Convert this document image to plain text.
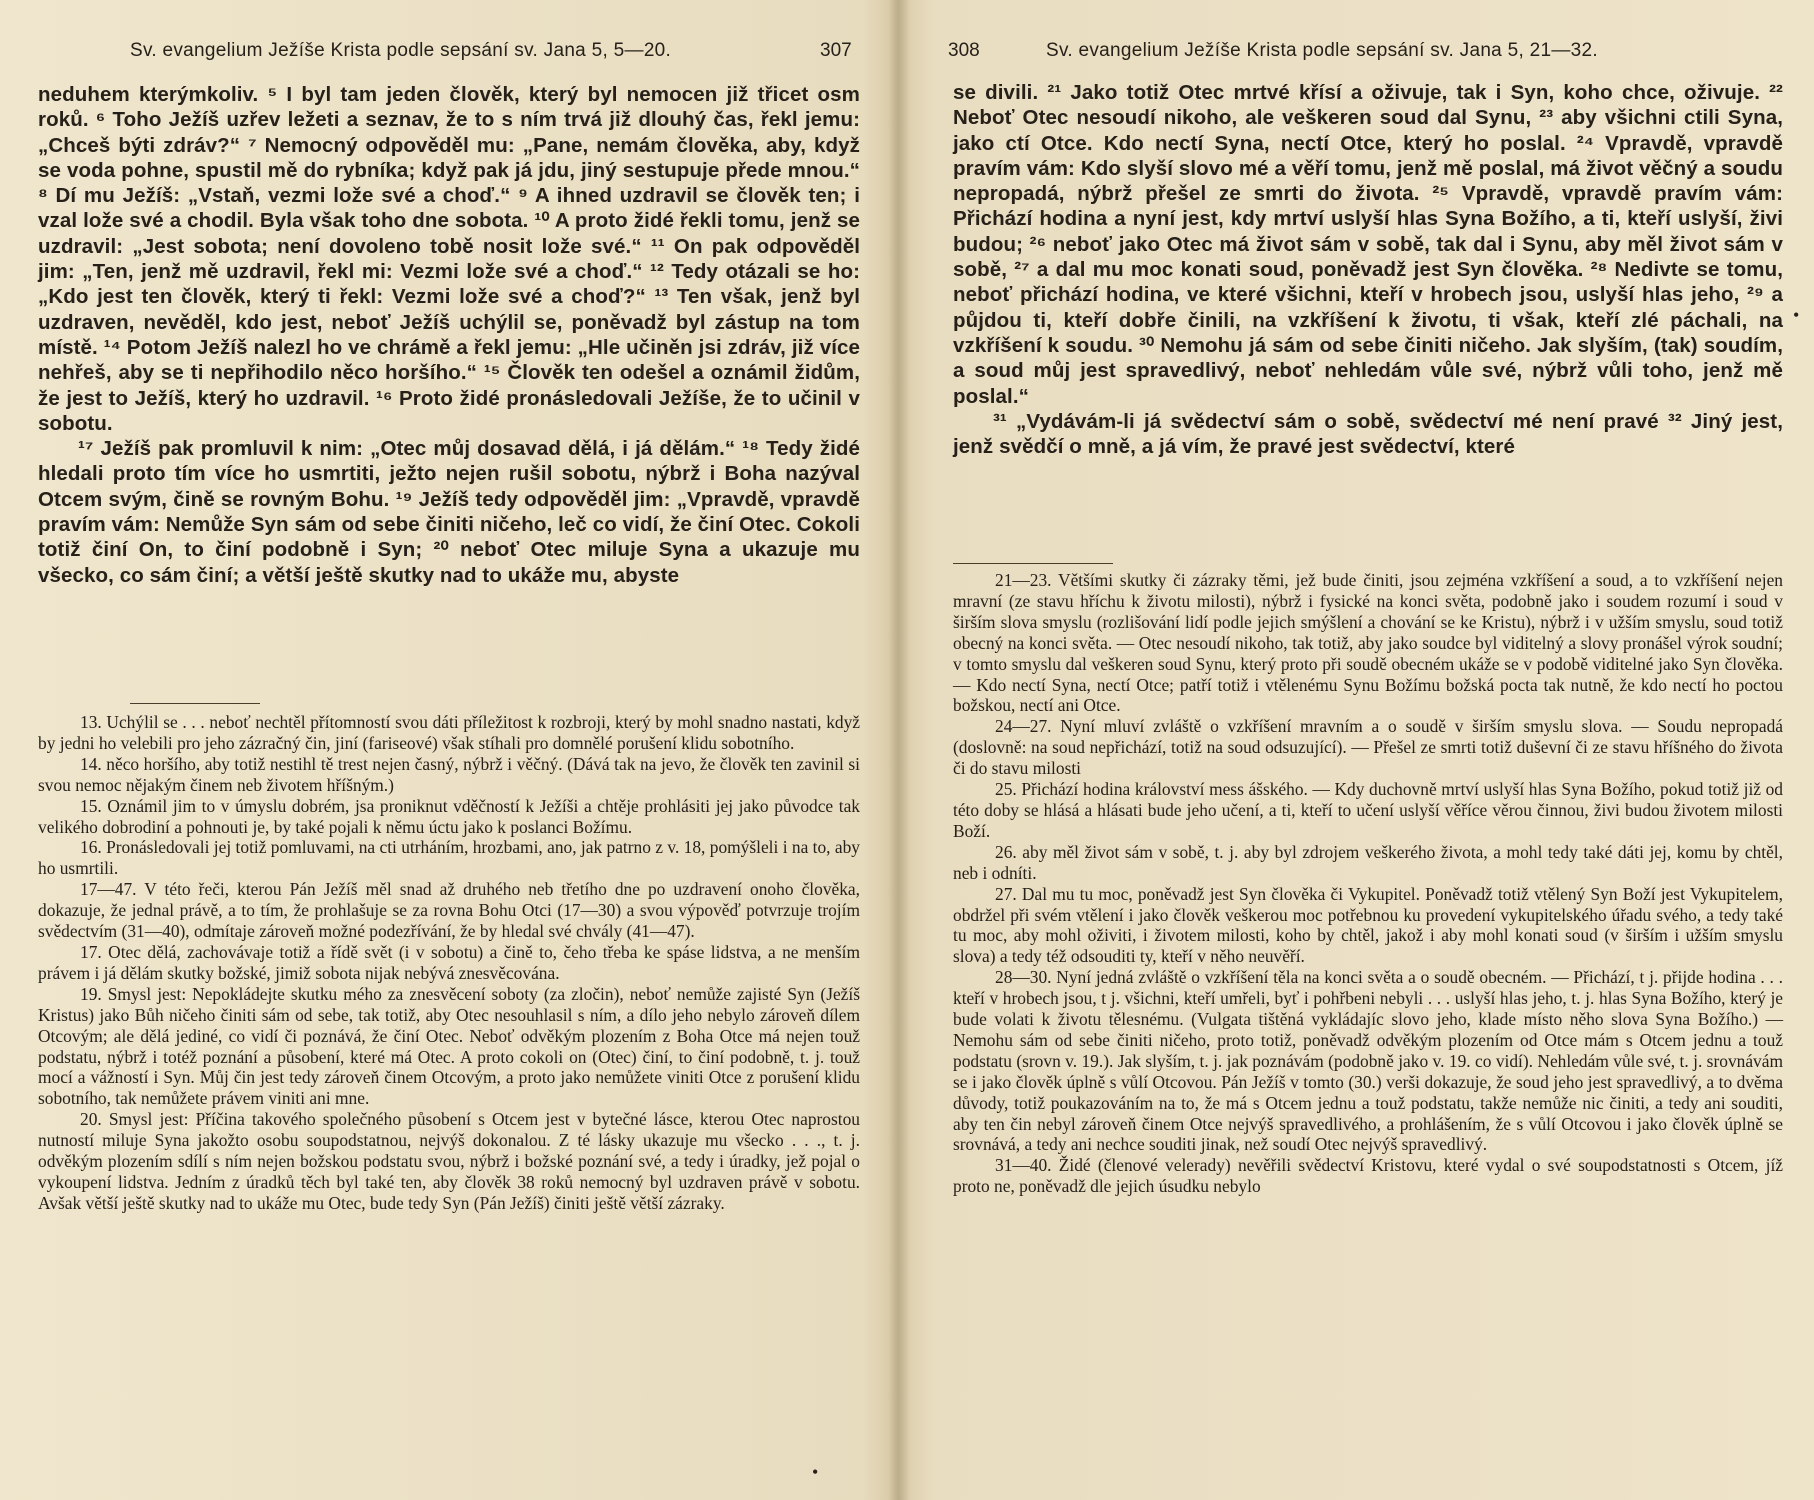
Sv. evangelium Ježíše Krista podle sepsání sv. Jana 5, 5—20.	307

neduhem kterýmkoliv. ⁵ I byl tam jeden člověk, který byl nemocen již třicet osm roků. ⁶ Toho Ježíš uzřev ležeti a seznav, že to s ním trvá již dlouhý čas, řekl jemu: „Chceš býti zdráv?“ ⁷ Nemocný odpověděl mu: „Pane, nemám člověka, aby, když se voda pohne, spustil mě do rybníka; když pak já jdu, jiný sestupuje přede mnou.“ ⁸ Dí mu Ježíš: „Vstaň, vezmi lože své a choď.“ ⁹ A ihned uzdravil se člověk ten; i vzal lože své a chodil. Byla však toho dne sobota. ¹⁰ A proto židé řekli tomu, jenž se uzdravil: „Jest sobota; není dovoleno tobě nosit lože své.“ ¹¹ On pak odpověděl jim: „Ten, jenž mě uzdravil, řekl mi: Vezmi lože své a choď.“ ¹² Tedy otázali se ho: „Kdo jest ten člověk, který ti řekl: Vezmi lože své a choď?“ ¹³ Ten však, jenž byl uzdraven, nevěděl, kdo jest, neboť Ježíš uchýlil se, poněvadž byl zástup na tom místě. ¹⁴ Potom Ježíš nalezl ho ve chrámě a řekl jemu: „Hle učiněn jsi zdráv, již více nehřeš, aby se ti nepřihodilo něco horšího.“ ¹⁵ Člověk ten odešel a oznámil židům, že jest to Ježíš, který ho uzdravil. ¹⁶ Proto židé pronásledovali Ježíše, že to učinil v sobotu.

¹⁷ Ježíš pak promluvil k nim: „Otec můj dosavad dělá, i já dělám.“ ¹⁸ Tedy židé hledali proto tím více ho usmrtiti, ježto nejen rušil sobotu, nýbrž i Boha nazýval Otcem svým, čině se rovným Bohu. ¹⁹ Ježíš tedy odpověděl jim: „Vpravdě, vpravdě pravím vám: Nemůže Syn sám od sebe činiti ničeho, leč co vidí, že činí Otec. Cokoli totiž činí On, to činí podobně i Syn; ²⁰ neboť Otec miluje Syna a ukazuje mu všecko, co sám činí; a větší ještě skutky nad to ukáže mu, abyste

13. Uchýlil se . . . neboť nechtěl přítomností svou dáti příležitost k rozbroji, který by mohl snadno nastati, když by jedni ho velebili pro jeho zázračný čin, jiní (fariseové) však stíhali pro domnělé porušení klidu sobotního.

14. něco horšího, aby totiž nestihl tě trest nejen časný, nýbrž i věčný. (Dává tak na jevo, že člověk ten zavinil si svou nemoc nějakým činem neb životem hříšným.)

15. Oznámil jim to v úmyslu dobrém, jsa proniknut vděčností k Ježíši a chtěje prohlásiti jej jako původce tak velikého dobrodiní a pohnouti je, by také pojali k němu úctu jako k poslanci Božímu.

16. Pronásledovali jej totiž pomluvami, na cti utrháním, hrozbami, ano, jak patrno z v. 18, pomýšleli i na to, aby ho usmrtili.

17—47. V této řeči, kterou Pán Ježíš měl snad až druhého neb třetího dne po uzdravení onoho člověka, dokazuje, že jednal právě, a to tím, že prohlašuje se za rovna Bohu Otci (17—30) a svou výpověď potvrzuje trojím svědectvím (31—40), odmítaje zároveň možné podezřívání, že by hledal své chvály (41—47).

17. Otec dělá, zachovávaje totiž a řídě svět (i v sobotu) a čině to, čeho třeba ke spáse lidstva, a ne menším právem i já dělám skutky božské, jimiž sobota nijak nebývá znesvěcována.

19. Smysl jest: Nepokládejte skutku mého za znesvěcení soboty (za zločin), neboť nemůže zajisté Syn (Ježíš Kristus) jako Bůh ničeho činiti sám od sebe, tak totiž, aby Otec nesouhlasil s ním, a dílo jeho nebylo zároveň dílem Otcovým; ale dělá jediné, co vidí či poznává, že činí Otec. Neboť odvěkým plozením z Boha Otce má nejen touž podstatu, nýbrž i totéž poznání a působení, které má Otec. A proto cokoli on (Otec) činí, to činí podobně, t. j. touž mocí a vážností i Syn. Můj čin jest tedy zároveň činem Otcovým, a proto jako nemůžete viniti Otce z porušení klidu sobotního, tak nemůžete právem viniti ani mne.

20. Smysl jest: Příčina takového společného působení s Otcem jest v bytečné lásce, kterou Otec naprostou nutností miluje Syna jakožto osobu soupodstatnou, nejvýš dokonalou. Z té lásky ukazuje mu všecko . . ., t. j. odvěkým plozením sdílí s ním nejen božskou podstatu svou, nýbrž i božské poznání své, a tedy i úradky, jež pojal o vykoupení lidstva. Jedním z úradků těch byl také ten, aby člověk 38 roků nemocný byl uzdraven právě v sobotu. Avšak větší ještě skutky nad to ukáže mu Otec, bude tedy Syn (Pán Ježíš) činiti ještě větší zázraky.

•
308	Sv. evangelium Ježíše Krista podle sepsání sv. Jana 5, 21—32.

se divili. ²¹ Jako totiž Otec mrtvé křísí a oživuje, tak i Syn, koho chce, oživuje. ²² Neboť Otec nesoudí nikoho, ale veškeren soud dal Synu, ²³ aby všichni ctili Syna, jako ctí Otce. Kdo nectí Syna, nectí Otce, který ho poslal. ²⁴ Vpravdě, vpravdě pravím vám: Kdo slyší slovo mé a věří tomu, jenž mě poslal, má život věčný a soudu nepropadá, nýbrž přešel ze smrti do života. ²⁵ Vpravdě, vpravdě pravím vám: Přichází hodina a nyní jest, kdy mrtví uslyší hlas Syna Božího, a ti, kteří uslyší, živi budou; ²⁶ neboť jako Otec má život sám v sobě, tak dal i Synu, aby měl život sám v sobě, ²⁷ a dal mu moc konati soud, poněvadž jest Syn člověka. ²⁸ Nedivte se tomu, neboť přichází hodina, ve které všichni, kteří v hrobech jsou, uslyší hlas jeho, ²⁹ a půjdou ti, kteří dobře činili, na vzkříšení k životu, ti však, kteří zlé páchali, na vzkříšení k soudu. ³⁰ Nemohu já sám od sebe činiti ničeho. Jak slyším, (tak) soudím, a soud můj jest spravedlivý, neboť nehledám vůle své, nýbrž vůli toho, jenž mě poslal.“

³¹ „Vydávám-li já svědectví sám o sobě, svědectví mé není pravé ³² Jiný jest, jenž svědčí o mně, a já vím, že pravé jest svědectví, které

21—23. Většími skutky či zázraky těmi, jež bude činiti, jsou zejména vzkříšení a soud, a to vzkříšení nejen mravní (ze stavu hříchu k životu milosti), nýbrž i fysické na konci světa, podobně jako i soudem rozumí i soud v širším slova smyslu (rozlišování lidí podle jejich smýšlení a chování se ke Kristu), nýbrž i v užším smyslu, soud totiž obecný na konci světa. — Otec nesoudí nikoho, tak totiž, aby jako soudce byl viditelný a slovy pronášel výrok soudní; v tomto smyslu dal veškeren soud Synu, který proto při soudě obecném ukáže se v podobě viditelné jako Syn člověka. — Kdo nectí Syna, nectí Otce; patří totiž i vtělenému Synu Božímu božská pocta tak nutně, že kdo nectí ho poctou božskou, nectí ani Otce.

24—27. Nyní mluví zvláště o vzkříšení mravním a o soudě v širším smyslu slova. — Soudu nepropadá (doslovně: na soud nepřichází, totiž na soud odsuzující). — Přešel ze smrti totiž duševní či ze stavu hříšného do života či do stavu milosti

25. Přichází hodina království mess ášského. — Kdy duchovně mrtví uslyší hlas Syna Božího, pokud totiž již od této doby se hlásá a hlásati bude jeho učení, a ti, kteří to učení uslyší věříce věrou činnou, živi budou životem milosti Boží.

26. aby měl život sám v sobě, t. j. aby byl zdrojem veškerého života, a mohl tedy také dáti jej, komu by chtěl, neb i odníti.

27. Dal mu tu moc, poněvadž jest Syn člověka či Vykupitel. Poněvadž totiž vtělený Syn Boží jest Vykupitelem, obdržel při svém vtělení i jako člověk veškerou moc potřebnou ku provedení vykupitelského úřadu svého, a tedy také tu moc, aby mohl oživiti, i životem milosti, koho by chtěl, jakož i aby mohl konati soud (v širším i užším smyslu slova) a tedy též odsouditi ty, kteří v něho neuvěří.

28—30. Nyní jedná zvláště o vzkříšení těla na konci světa a o soudě obecném. — Přichází, t j. přijde hodina . . . kteří v hrobech jsou, t j. všichni, kteří umřeli, byť i pohřbeni nebyli . . . uslyší hlas jeho, t. j. hlas Syna Božího, který je bude volati k životu tělesnému. (Vulgata tištěná vykládajíc slovo jeho, klade místo něho slova Syna Božího.) — Nemohu sám od sebe činiti ničeho, proto totiž, poněvadž odvěkým plozením od Otce mám s Otcem jednu a touž podstatu (srovn v. 19.). Jak slyším, t. j. jak poznávám (podobně jako v. 19. co vidí). Nehledám vůle své, t. j. srovnávám se i jako člověk úplně s vůlí Otcovou. Pán Ježíš v tomto (30.) verši dokazuje, že soud jeho jest spravedlivý, a to dvěma důvody, totiž poukazováním na to, že má s Otcem jednu a touž podstatu, takže nemůže nic činiti, a tedy ani souditi, aby ten čin nebyl zároveň činem Otce nejvýš spravedlivého, a prohlášením, že s vůlí Otcovou i jako člověk úplně se srovnává, a tedy ani nechce souditi jinak, než soudí Otec nejvýš spravedlivý.

31—40. Židé (členové velerady) nevěřili svědectví Kristovu, které vydal o své soupodstatnosti s Otcem, jíž proto ne, poněvadž dle jejich úsudku nebylo

•
